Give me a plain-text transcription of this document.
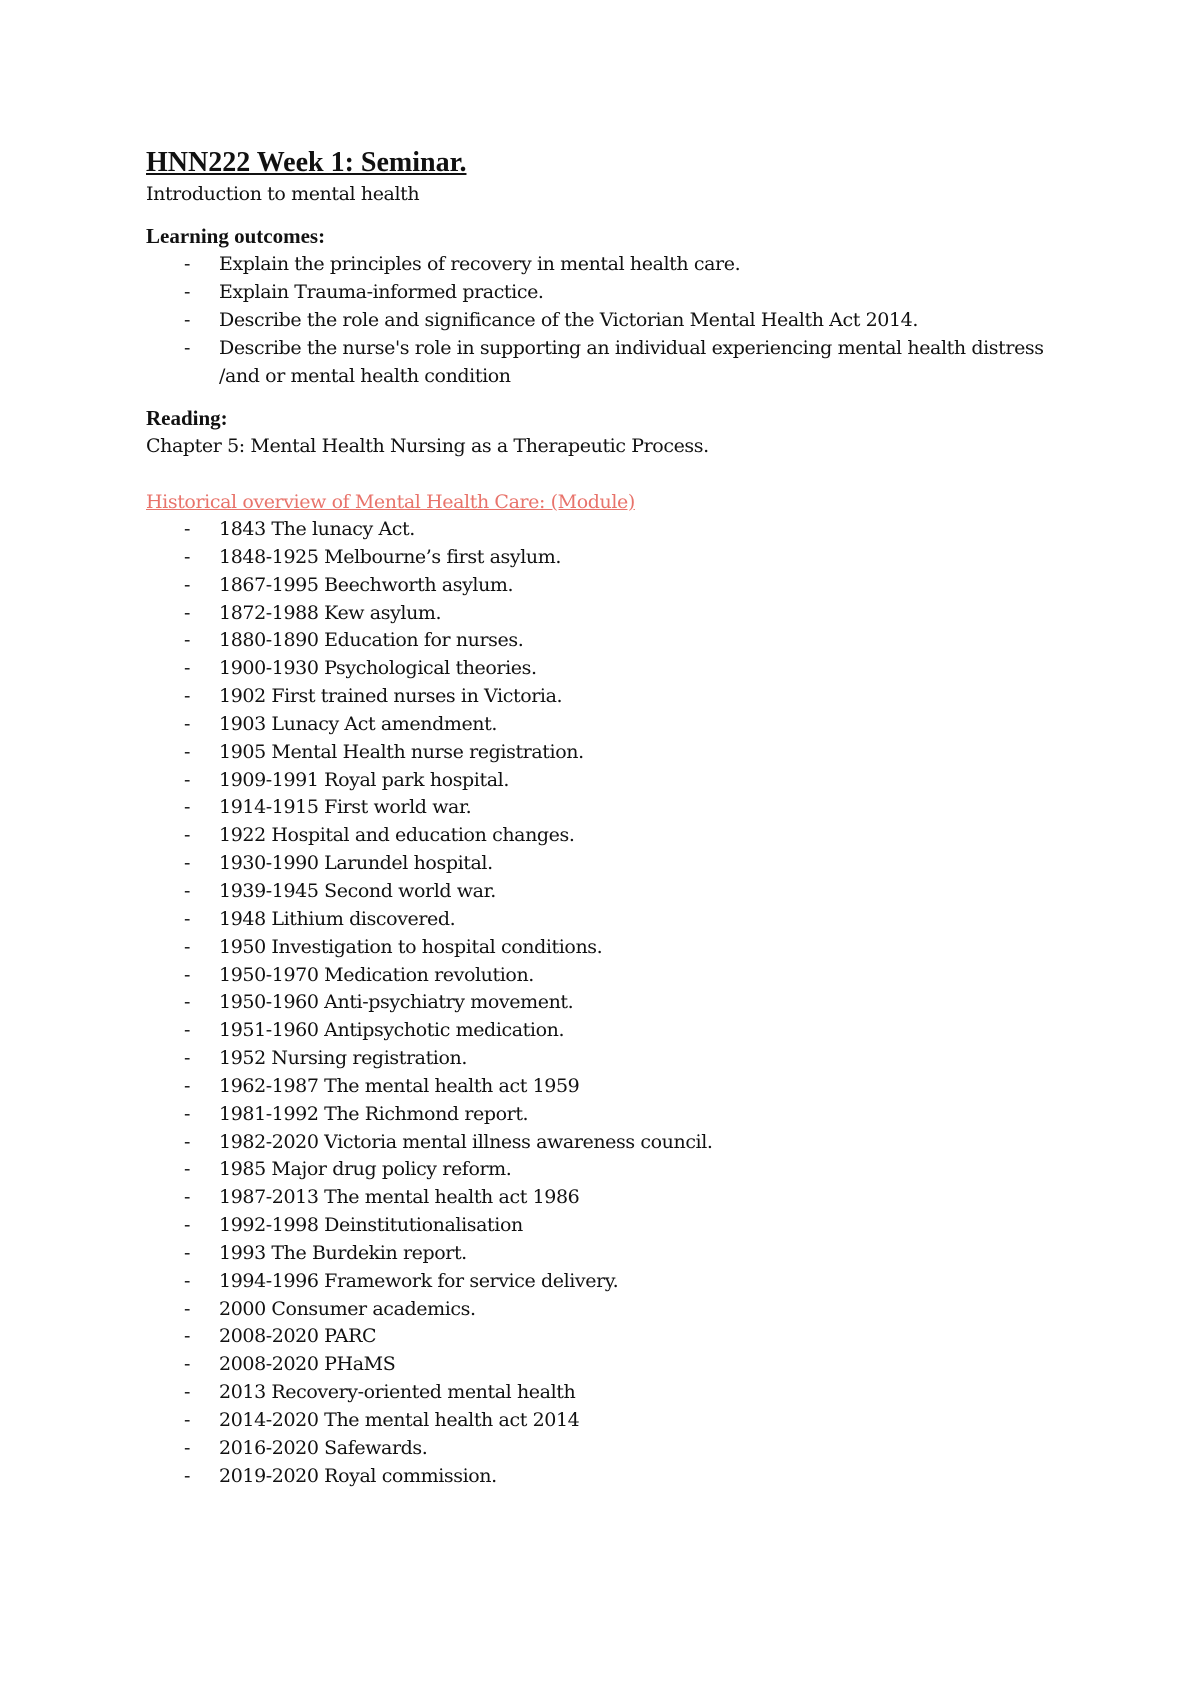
HNN222 Week 1: Seminar.

Introduction to mental health

Learning outcomes:
- Explain the principles of recovery in mental health care.
- Explain Trauma-informed practice.
- Describe the role and significance of the Victorian Mental Health Act 2014.
- Describe the nurse's role in supporting an individual experiencing mental health distress /and or mental health condition
Reading:

Chapter 5: Mental Health Nursing as a Therapeutic Process.

Historical overview of Mental Health Care: (Module)

- 1843 The lunacy Act.
- 1848-1925 Melbourne’s first asylum.
- 1867-1995 Beechworth asylum.
- 1872-1988 Kew asylum.
- 1880-1890 Education for nurses.
- 1900-1930 Psychological theories.
- 1902 First trained nurses in Victoria.
- 1903 Lunacy Act amendment.
- 1905 Mental Health nurse registration.
- 1909-1991 Royal park hospital.
- 1914-1915 First world war.
- 1922 Hospital and education changes.
- 1930-1990 Larundel hospital.
- 1939-1945 Second world war.
- 1948 Lithium discovered.
- 1950 Investigation to hospital conditions.
- 1950-1970 Medication revolution.
- 1950-1960 Anti-psychiatry movement.
- 1951-1960 Antipsychotic medication.
- 1952 Nursing registration.
- 1962-1987 The mental health act 1959
- 1981-1992 The Richmond report.
- 1982-2020 Victoria mental illness awareness council.
- 1985 Major drug policy reform.
- 1987-2013 The mental health act 1986
- 1992-1998 Deinstitutionalisation
- 1993 The Burdekin report.
- 1994-1996 Framework for service delivery.
- 2000 Consumer academics.
- 2008-2020 PARC
- 2008-2020 PHaMS
- 2013 Recovery-oriented mental health
- 2014-2020 The mental health act 2014
- 2016-2020 Safewards.
- 2019-2020 Royal commission.
